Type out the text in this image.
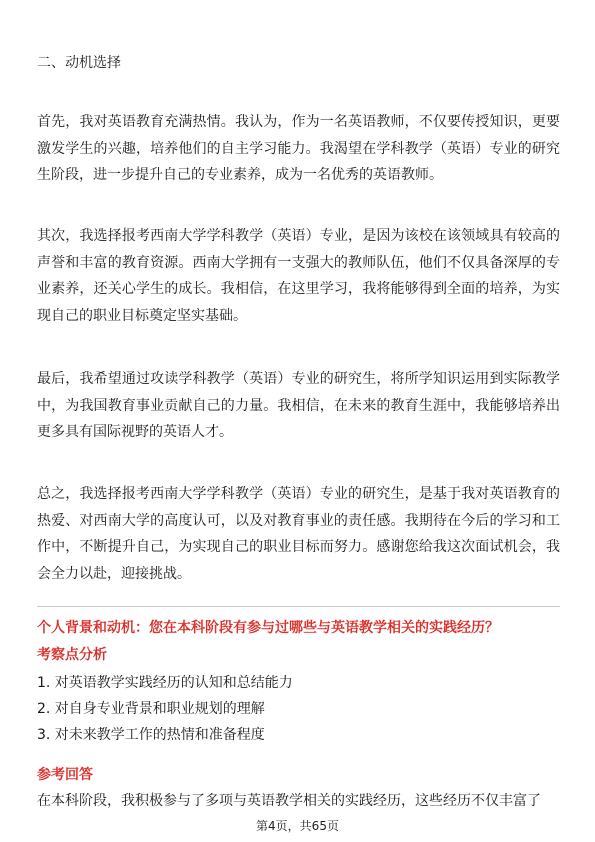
二、动机选择
首先，我对英语教育充满热情。我认为，作为一名英语教师，不仅要传授知识，更要激发学生的兴趣，培养他们的自主学习能力。我渴望在学科教学（英语）专业的研究生阶段，进一步提升自己的专业素养，成为一名优秀的英语教师。
其次，我选择报考西南大学学科教学（英语）专业，是因为该校在该领域具有较高的声誉和丰富的教育资源。西南大学拥有一支强大的教师队伍，他们不仅具备深厚的专业素养，还关心学生的成长。我相信，在这里学习，我将能够得到全面的培养，为实现自己的职业目标奠定坚实基础。
最后，我希望通过攻读学科教学（英语）专业的研究生，将所学知识运用到实际教学中，为我国教育事业贡献自己的力量。我相信，在未来的教育生涯中，我能够培养出更多具有国际视野的英语人才。
总之，我选择报考西南大学学科教学（英语）专业的研究生，是基于我对英语教育的热爱、对西南大学的高度认可，以及对教育事业的责任感。我期待在今后的学习和工作中，不断提升自己，为实现自己的职业目标而努力。感谢您给我这次面试机会，我会全力以赴，迎接挑战。
个人背景和动机：您在本科阶段有参与过哪些与英语教学相关的实践经历？
考察点分析
1. 对英语教学实践经历的认知和总结能力
2. 对自身专业背景和职业规划的理解
3. 对未来教学工作的热情和准备程度
参考回答
在本科阶段，我积极参与了多项与英语教学相关的实践经历，这些经历不仅丰富了
第4页，共65页
